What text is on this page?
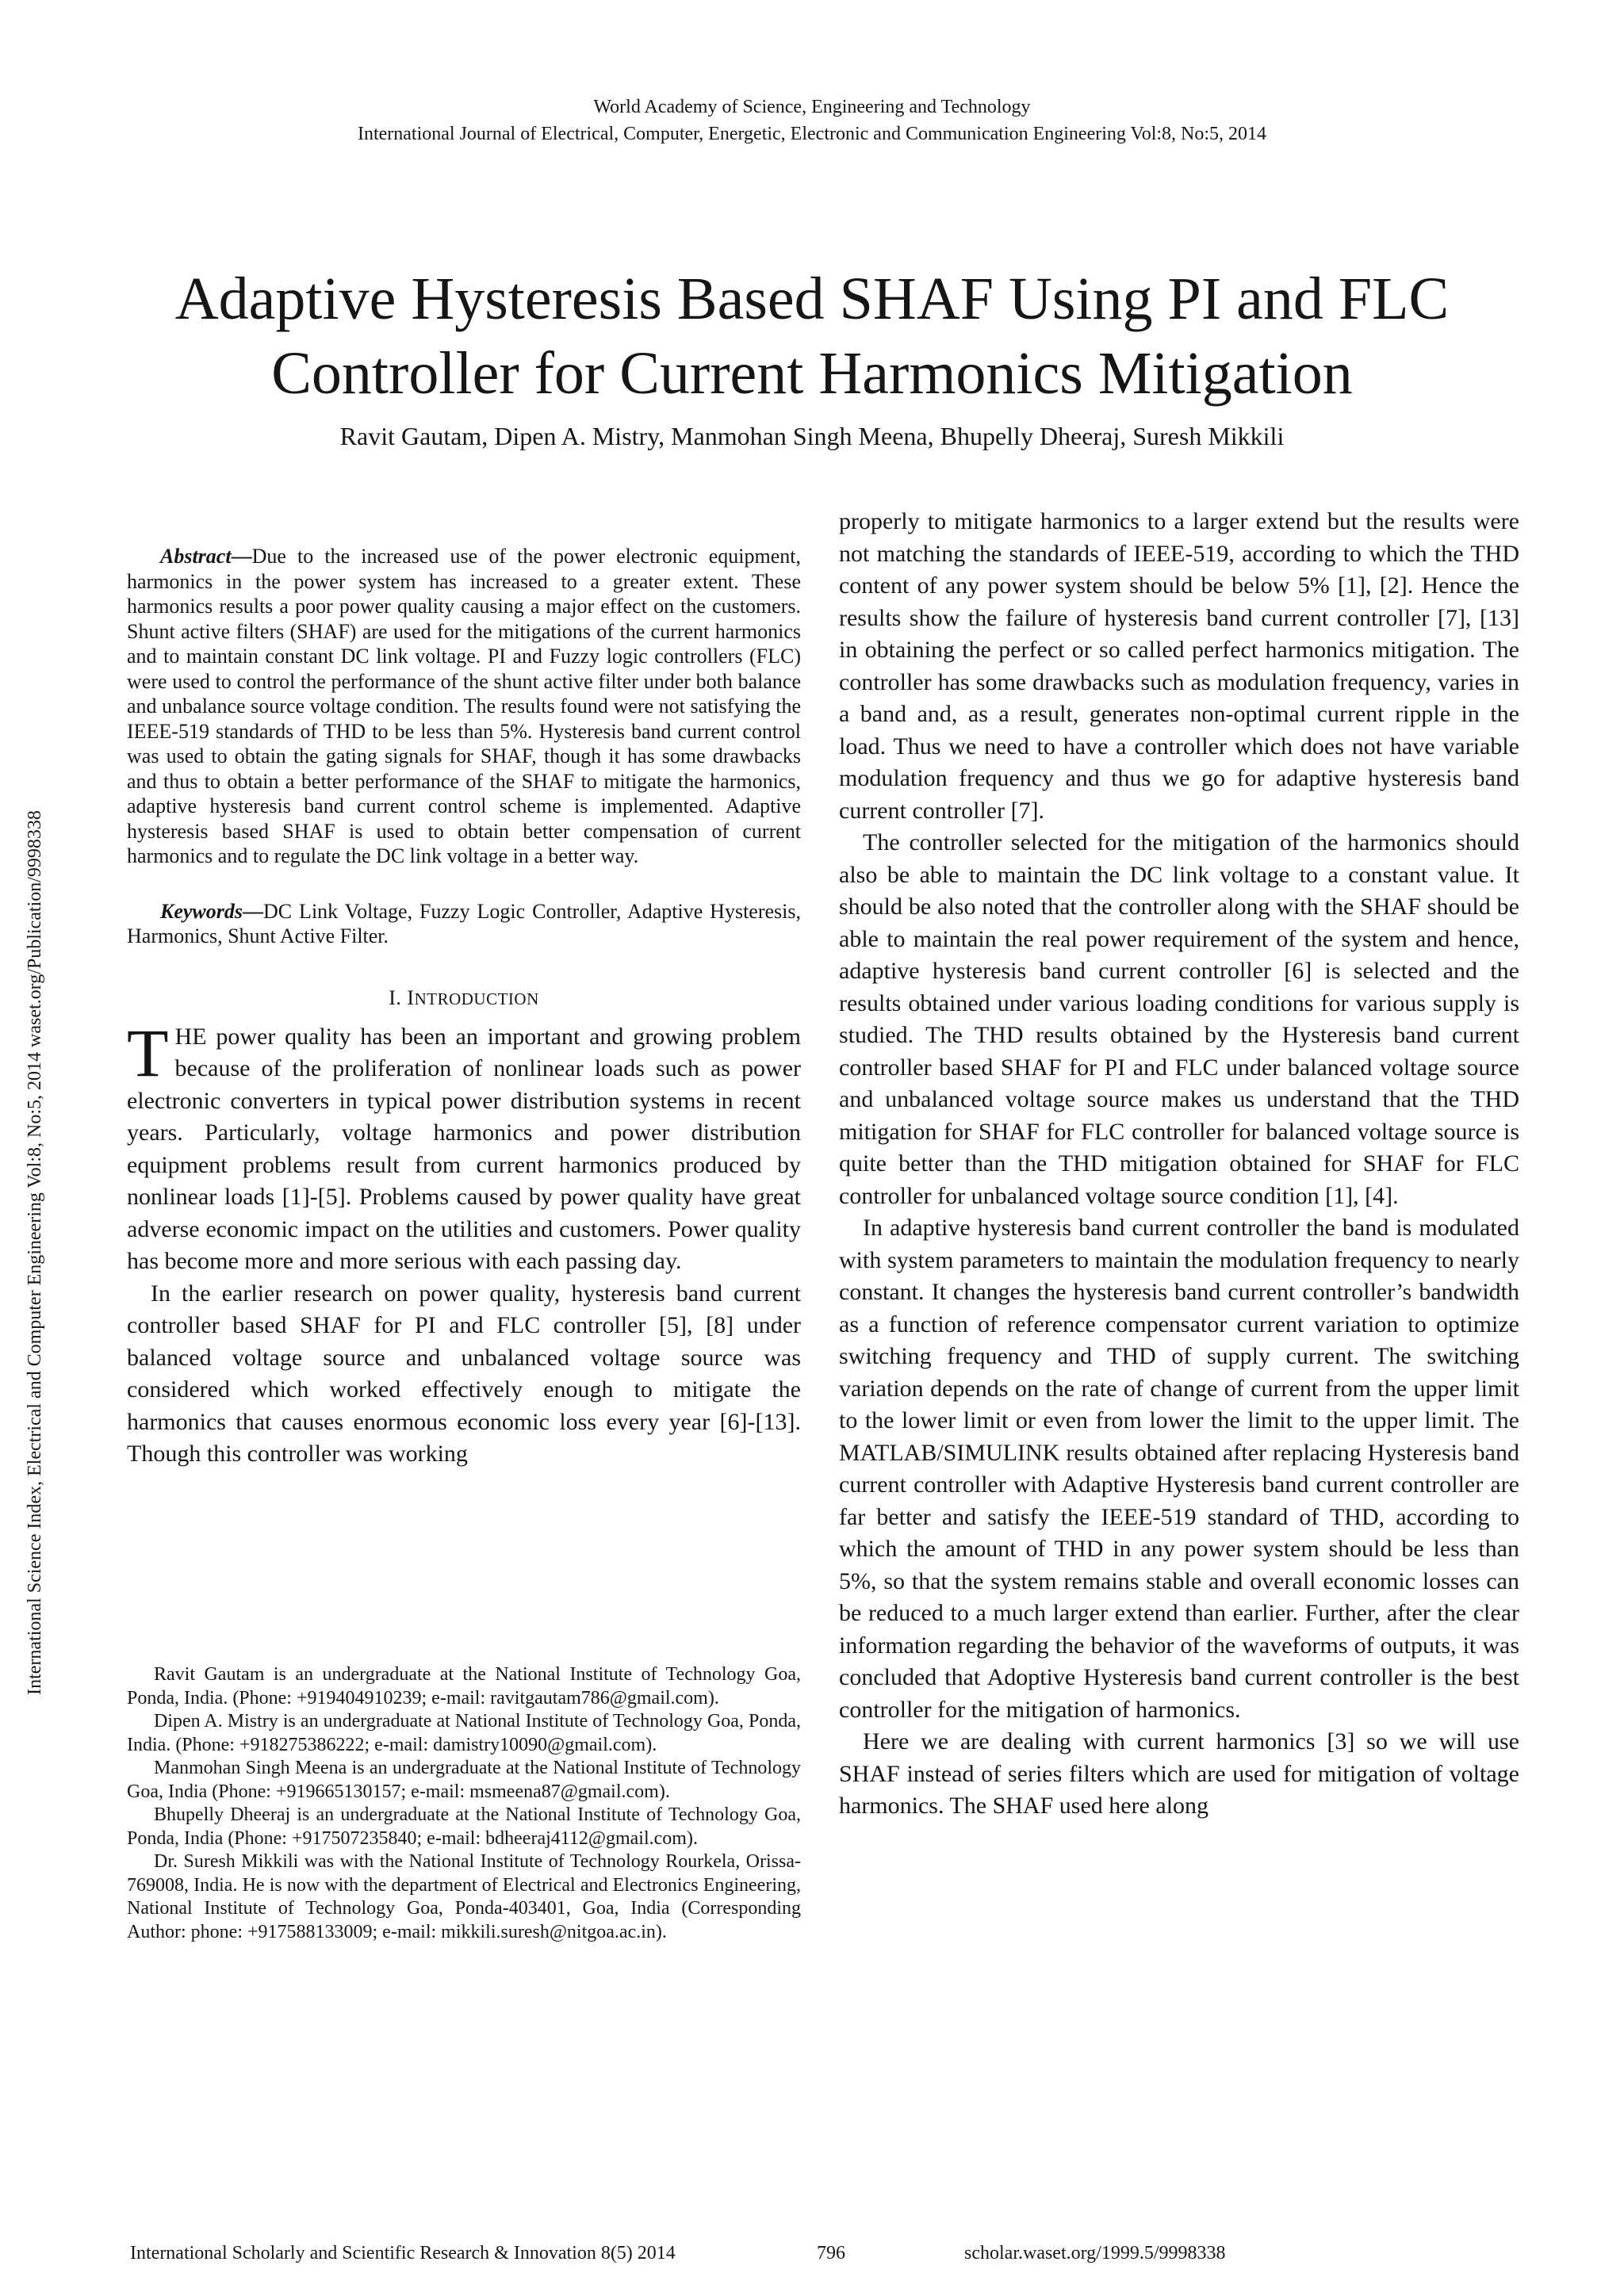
World Academy of Science, Engineering and Technology
International Journal of Electrical, Computer, Energetic, Electronic and Communication Engineering Vol:8, No:5, 2014
Adaptive Hysteresis Based SHAF Using PI and FLC
Controller for Current Harmonics Mitigation
Ravit Gautam, Dipen A. Mistry, Manmohan Singh Meena, Bhupelly Dheeraj, Suresh Mikkili
International Science Index, Electrical and Computer Engineering Vol:8, No:5, 2014 waset.org/Publication/9998338

Abstract—Due to the increased use of the power electronic equipment, harmonics in the power system has increased to a greater extent. These harmonics results a poor power quality causing a major effect on the customers. Shunt active filters (SHAF) are used for the mitigations of the current harmonics and to maintain constant DC link voltage. PI and Fuzzy logic controllers (FLC) were used to control the performance of the shunt active filter under both balance and unbalance source voltage condition. The results found were not satisfying the IEEE-519 standards of THD to be less than 5%. Hysteresis band current control was used to obtain the gating signals for SHAF, though it has some drawbacks and thus to obtain a better performance of the SHAF to mitigate the harmonics, adaptive hysteresis band current control scheme is implemented. Adaptive hysteresis based SHAF is used to obtain better compensation of current harmonics and to regulate the DC link voltage in a better way.

Keywords—DC Link Voltage, Fuzzy Logic Controller, Adaptive Hysteresis, Harmonics, Shunt Active Filter.

I. INTRODUCTION

THE power quality has been an important and growing problem because of the proliferation of nonlinear loads such as power electronic converters in typical power distribution systems in recent years. Particularly, voltage harmonics and power distribution equipment problems result from current harmonics produced by nonlinear loads [1]-[5]. Problems caused by power quality have great adverse economic impact on the utilities and customers. Power quality has become more and more serious with each passing day.

In the earlier research on power quality, hysteresis band current controller based SHAF for PI and FLC controller [5], [8] under balanced voltage source and unbalanced voltage source was considered which worked effectively enough to mitigate the harmonics that causes enormous economic loss every year [6]-[13]. Though this controller was working

Ravit Gautam is an undergraduate at the National Institute of Technology Goa, Ponda, India. (Phone: +919404910239; e-mail: ravitgautam786@gmail.com).

Dipen A. Mistry is an undergraduate at National Institute of Technology Goa, Ponda, India. (Phone: +918275386222; e-mail: damistry10090@gmail.com).

Manmohan Singh Meena is an undergraduate at the National Institute of Technology Goa, India (Phone: +919665130157; e-mail: msmeena87@gmail.com).

Bhupelly Dheeraj is an undergraduate at the National Institute of Technology Goa, Ponda, India (Phone: +917507235840; e-mail: bdheeraj4112@gmail.com).

Dr. Suresh Mikkili was with the National Institute of Technology Rourkela, Orissa-769008, India. He is now with the department of Electrical and Electronics Engineering, National Institute of Technology Goa, Ponda-403401, Goa, India (Corresponding Author: phone: +917588133009; e-mail: mikkili.suresh@nitgoa.ac.in).

properly to mitigate harmonics to a larger extend but the results were not matching the standards of IEEE-519, according to which the THD content of any power system should be below 5% [1], [2]. Hence the results show the failure of hysteresis band current controller [7], [13] in obtaining the perfect or so called perfect harmonics mitigation. The controller has some drawbacks such as modulation frequency, varies in a band and, as a result, generates non-optimal current ripple in the load. Thus we need to have a controller which does not have variable modulation frequency and thus we go for adaptive hysteresis band current controller [7].

The controller selected for the mitigation of the harmonics should also be able to maintain the DC link voltage to a constant value. It should be also noted that the controller along with the SHAF should be able to maintain the real power requirement of the system and hence, adaptive hysteresis band current controller [6] is selected and the results obtained under various loading conditions for various supply is studied. The THD results obtained by the Hysteresis band current controller based SHAF for PI and FLC under balanced voltage source and unbalanced voltage source makes us understand that the THD mitigation for SHAF for FLC controller for balanced voltage source is quite better than the THD mitigation obtained for SHAF for FLC controller for unbalanced voltage source condition [1], [4].

In adaptive hysteresis band current controller the band is modulated with system parameters to maintain the modulation frequency to nearly constant. It changes the hysteresis band current controller’s bandwidth as a function of reference compensator current variation to optimize switching frequency and THD of supply current. The switching variation depends on the rate of change of current from the upper limit to the lower limit or even from lower the limit to the upper limit. The MATLAB/SIMULINK results obtained after replacing Hysteresis band current controller with Adaptive Hysteresis band current controller are far better and satisfy the IEEE-519 standard of THD, according to which the amount of THD in any power system should be less than 5%, so that the system remains stable and overall economic losses can be reduced to a much larger extend than earlier. Further, after the clear information regarding the behavior of the waveforms of outputs, it was concluded that Adoptive Hysteresis band current controller is the best controller for the mitigation of harmonics.

Here we are dealing with current harmonics [3] so we will use SHAF instead of series filters which are used for mitigation of voltage harmonics. The SHAF used here along

International Scholarly and Scientific Research & Innovation 8(5) 2014	796	scholar.waset.org/1999.5/9998338
